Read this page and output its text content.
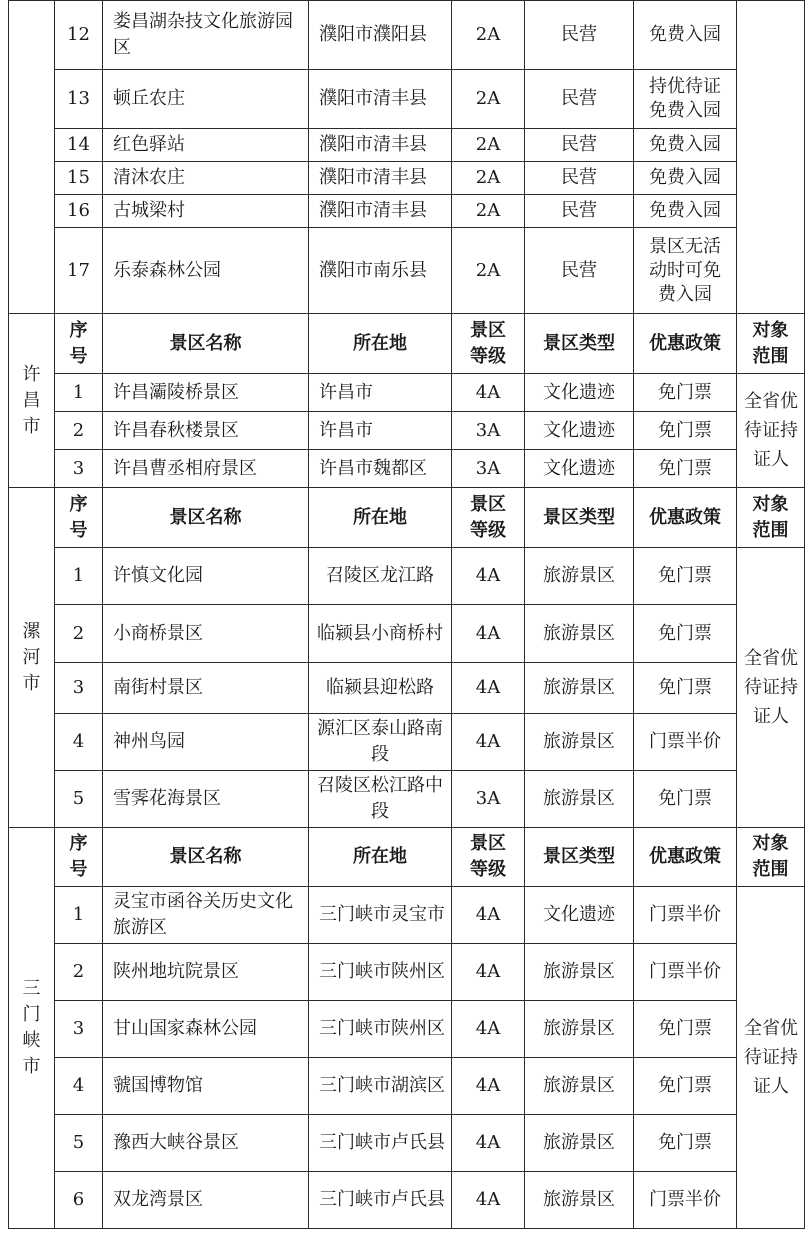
	12	娄昌湖杂技文化旅游园区	濮阳市濮阳县	2A	民营	免费入园	

	13	顿丘农庄	濮阳市清丰县	2A	民营	持优待证免费入园	

	14	红色驿站	濮阳市清丰县	2A	民营	免费入园	

	15	清沐农庄	濮阳市清丰县	2A	民营	免费入园	

	16	古城梁村	濮阳市清丰县	2A	民营	免费入园	

	17	乐泰森林公园	濮阳市南乐县	2A	民营	景区无活动时可免费入园	

许昌市	序号	景区名称	所在地	景区等级	景区类型	优惠政策	对象范围

	1	许昌灞陵桥景区	许昌市	4A	文化遗迹	免门票	全省优待证持证人

	2	许昌春秋楼景区	许昌市	3A	文化遗迹	免门票	
	3	许昌曹丞相府景区	许昌市魏都区	3A	文化遗迹	免门票	

漯河市	序号	景区名称	所在地	景区等级	景区类型	优惠政策	对象范围

	1	许慎文化园	召陵区龙江路	4A	旅游景区	免门票	全省优待证持证人

	2	小商桥景区	临颍县小商桥村	4A	旅游景区	免门票	
	3	南街村景区	临颍县迎松路	4A	旅游景区	免门票	
	4	神州鸟园	源汇区泰山路南段	4A	旅游景区	门票半价	
	5	雪霁花海景区	召陵区松江路中段	3A	旅游景区	免门票	

三门峡市	序号	景区名称	所在地	景区等级	景区类型	优惠政策	对象范围

	1	灵宝市函谷关历史文化旅游区	三门峡市灵宝市	4A	文化遗迹	门票半价	全省优待证持证人

	2	陕州地坑院景区	三门峡市陕州区	4A	旅游景区	门票半价	
	3	甘山国家森林公园	三门峡市陕州区	4A	旅游景区	免门票	
	4	虢国博物馆	三门峡市湖滨区	4A	旅游景区	免门票	
	5	豫西大峡谷景区	三门峡市卢氏县	4A	旅游景区	免门票	
	6	双龙湾景区	三门峡市卢氏县	4A	旅游景区	门票半价	
